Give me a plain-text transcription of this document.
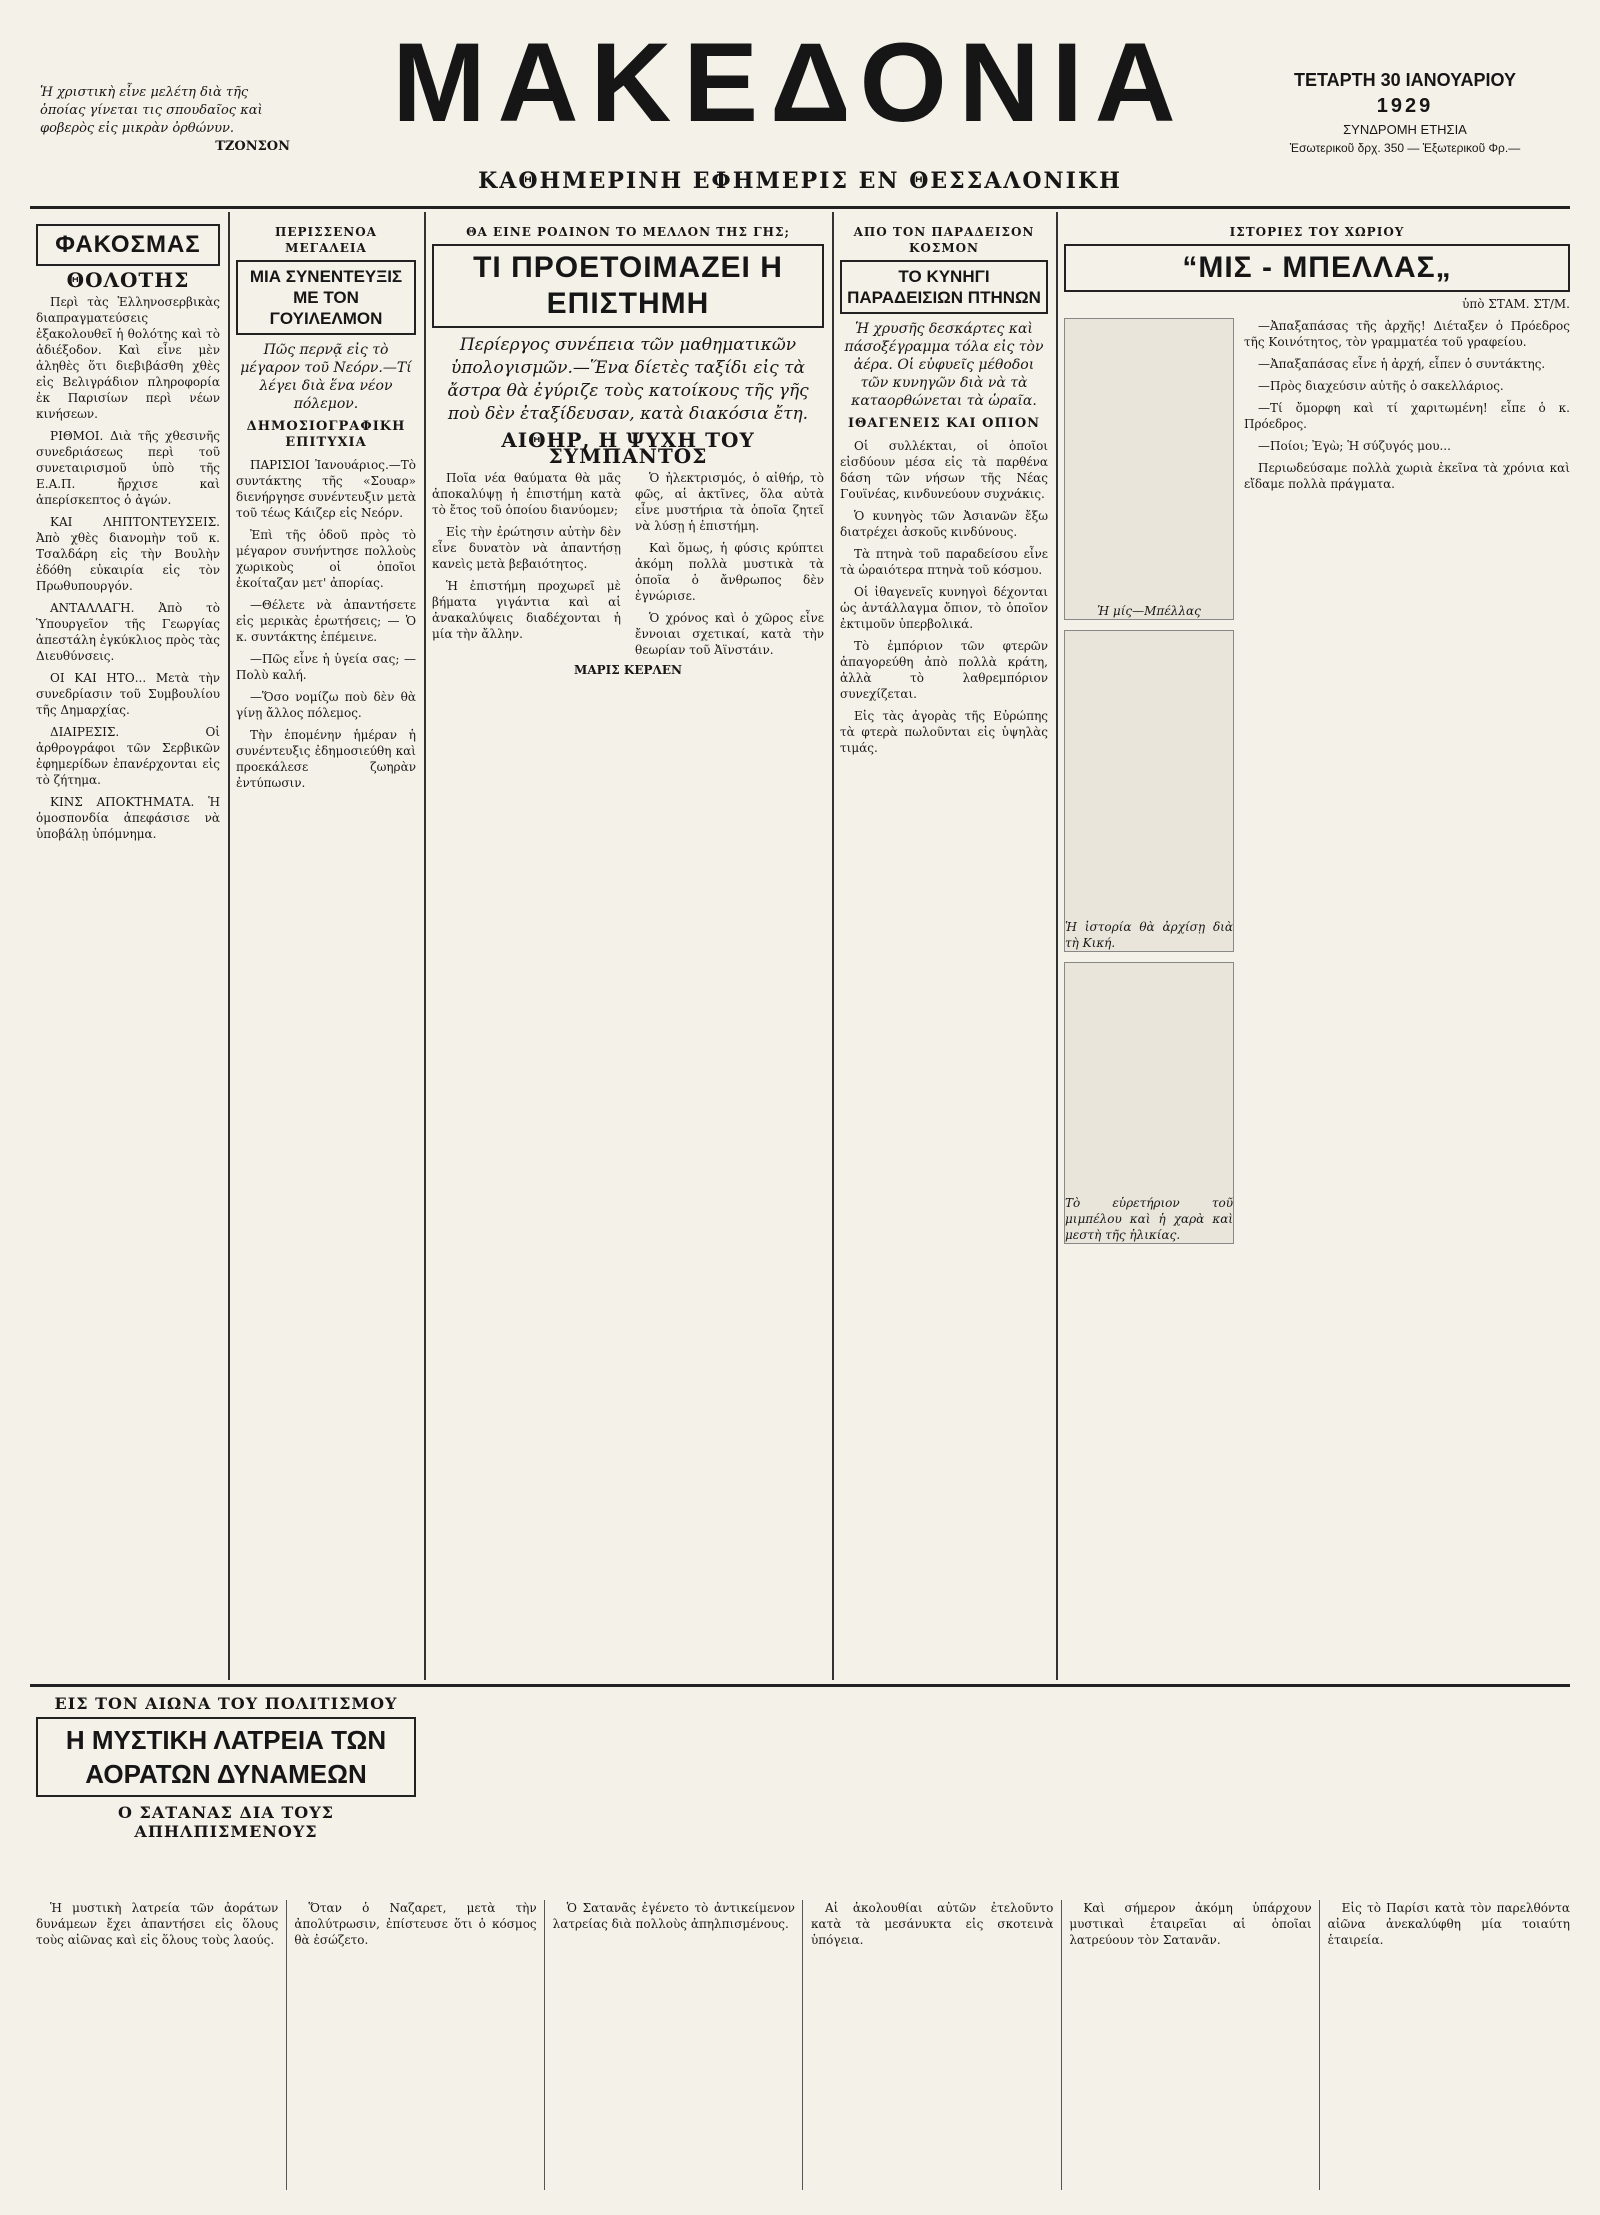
Ἡ χριστικὴ εἶνε μελέτη διὰ τῆς ὁποίας γίνεται τις σπουδαῖος καὶ φοβερὸς εἰς μικρὰν ὀρθώνυν.
ΤΖΟΝΣΟΝ
ΜΑΚΕΔΟΝΙΑ
ΚΑΘΗΜΕΡΙΝΗ ΕΦΗΜΕΡΙΣ ΕΝ ΘΕΣΣΑΛΟΝΙΚΗ
ΤΕΤΑΡΤΗ 30 ΙΑΝΟΥΑΡΙΟΥ
1929
ΣΥΝΔΡΟΜΗ ΕΤΗΣΙΑ
Ἐσωτερικοῦ δρχ. 350 — Ἐξωτερικοῦ Φρ.—
ΦΑΚΟΣΜΑΣ
ΘΟΛΟΤΗΣ

Περὶ τὰς Ἑλληνοσερβικὰς διαπραγματεύσεις ἐξακολουθεῖ ἡ θολότης καὶ τὸ ἀδιέξοδον. Καὶ εἶνε μὲν ἀληθὲς ὅτι διεβιβάσθη χθὲς εἰς Βελιγράδιον πληροφορία ἐκ Παρισίων περὶ νέων κινήσεων.

ΡΙΘΜΟΙ. Διὰ τῆς χθεσινῆς συνεδριάσεως περὶ τοῦ συνεταιρισμοῦ ὑπὸ τῆς Ε.Α.Π. ἤρχισε καὶ ἀπερίσκεπτος ὁ ἀγών.

ΚΑΙ ΛΗΠΤΟΝΤΕΥΣΕΙΣ. Ἀπὸ χθὲς διανομὴν τοῦ κ. Τσαλδάρη εἰς τὴν Βουλὴν ἐδόθη εὐκαιρία εἰς τὸν Πρωθυπουργόν.

ΑΝΤΑΛΛΑΓΗ. Ἀπὸ τὸ Ὑπουργεῖον τῆς Γεωργίας ἀπεστάλη ἐγκύκλιος πρὸς τὰς Διευθύνσεις.

ΟΙ ΚΑΙ ΗΤΟ... Μετὰ τὴν συνεδρίασιν τοῦ Συμβουλίου τῆς Δημαρχίας.

ΔΙΑΙΡΕΣΙΣ. Οἱ ἀρθρογράφοι τῶν Σερβικῶν ἐφημερίδων ἐπανέρχονται εἰς τὸ ζήτημα.

ΚΙΝΣ ΑΠΟΚΤΗΜΑΤΑ. Ἡ ὁμοσπονδία ἀπεφάσισε νὰ ὑποβάλῃ ὑπόμνημα.

ΠΕΡΙΣΣΕΝΟΑ ΜΕΓΑΛΕΙΑ
ΜΙΑ ΣΥΝΕΝΤΕΥΞΙΣ ΜΕ ΤΟΝ ΓΟΥΙΛΕΛΜΟΝ
Πῶς περνᾷ εἰς τὸ μέγαρον τοῦ Νεόρν.—Τί λέγει διὰ ἕνα νέον πόλεμον.
ΔΗΜΟΣΙΟΓΡΑΦΙΚΗ ΕΠΙΤΥΧΙΑ

ΠΑΡΙΣΙΟΙ Ἰανουάριος.—Τὸ συντάκτης τῆς «Σουαρ» διενήργησε συνέντευξιν μετὰ τοῦ τέως Κάιζερ εἰς Νεόρν.

Ἐπὶ τῆς ὁδοῦ πρὸς τὸ μέγαρον συνήντησε πολλοὺς χωρικοὺς οἱ ὁποῖοι ἐκοίταζαν μετ' ἀπορίας.

—Θέλετε νὰ ἀπαντήσετε εἰς μερικὰς ἐρωτήσεις; — Ὁ κ. συντάκτης ἐπέμεινε.

—Πῶς εἶνε ἡ ὑγεία σας; — Πολὺ καλή.

—Ὅσο νομίζω ποὺ δὲν θὰ γίνῃ ἄλλος πόλεμος.

Τὴν ἑπομένην ἡμέραν ἡ συνέντευξις ἐδημοσιεύθη καὶ προεκάλεσε ζωηρὰν ἐντύπωσιν.

ΘΑ ΕΙΝΕ ΡΟΔΙΝΟΝ ΤΟ ΜΕΛΛΟΝ ΤΗΣ ΓΗΣ;
ΤΙ ΠΡΟΕΤΟΙΜΑΖΕΙ Η ΕΠΙΣΤΗΜΗ
Περίεργος συνέπεια τῶν μαθηματικῶν ὑπολογισμῶν.—Ἕνα δίετὲς ταξίδι εἰς τὰ ἄστρα θὰ ἐγύριζε τοὺς κατοίκους τῆς γῆς ποὺ δὲν ἐταξίδευσαν, κατὰ διακόσια ἔτη.
ΑΙΘΗΡ, Η ΨΥΧΗ ΤΟΥ ΣΥΜΠΑΝΤΟΣ

Ποῖα νέα θαύματα θὰ μᾶς ἀποκαλύψῃ ἡ ἐπιστήμη κατὰ τὸ ἔτος τοῦ ὁποίου διανύομεν;

Εἰς τὴν ἐρώτησιν αὐτὴν δὲν εἶνε δυνατὸν νὰ ἀπαντήσῃ κανεὶς μετὰ βεβαιότητος.

Ἡ ἐπιστήμη προχωρεῖ μὲ βήματα γιγάντια καὶ αἱ ἀνακαλύψεις διαδέχονται ἡ μία τὴν ἄλλην.

Ὁ ἠλεκτρισμός, ὁ αἰθήρ, τὸ φῶς, αἱ ἀκτῖνες, ὅλα αὐτὰ εἶνε μυστήρια τὰ ὁποῖα ζητεῖ νὰ λύσῃ ἡ ἐπιστήμη.

Καὶ ὅμως, ἡ φύσις κρύπτει ἀκόμη πολλὰ μυστικὰ τὰ ὁποῖα ὁ ἄνθρωπος δὲν ἐγνώρισε.

Ὁ χρόνος καὶ ὁ χῶρος εἶνε ἔννοιαι σχετικαί, κατὰ τὴν θεωρίαν τοῦ Ἀϊνστάιν.

ΜΑΡΙΣ ΚΕΡΛΕΝ
ΑΠΟ ΤΟΝ ΠΑΡΑΔΕΙΣΟΝ ΚΟΣΜΟΝ
ΤΟ ΚΥΝΗΓΙ ΠΑΡΑΔΕΙΣΙΩΝ ΠΤΗΝΩΝ
Ἡ χρυσῆς δεσκάρτες καὶ πάσοξέγραμμα τόλα εἰς τὸν ἀέρα. Οἱ εὐφυεῖς μέθοδοι τῶν κυνηγῶν διὰ νὰ τὰ καταορθώνεται τὰ ὡραῖα.
ΙΘΑΓΕΝΕΙΣ ΚΑΙ ΟΠΙΟΝ

Οἱ συλλέκται, οἱ ὁποῖοι εἰσδύουν μέσα εἰς τὰ παρθένα δάση τῶν νήσων τῆς Νέας Γουϊνέας, κινδυνεύουν συχνάκις.

Ὁ κυνηγὸς τῶν Ἀσιανῶν ἔξω διατρέχει ἀσκοῦς κινδύνους.

Τὰ πτηνὰ τοῦ παραδείσου εἶνε τὰ ὡραιότερα πτηνὰ τοῦ κόσμου.

Οἱ ἰθαγενεῖς κυνηγοὶ δέχονται ὡς ἀντάλλαγμα ὄπιον, τὸ ὁποῖον ἐκτιμοῦν ὑπερβολικά.

Τὸ ἐμπόριον τῶν φτερῶν ἀπαγορεύθη ἀπὸ πολλὰ κράτη, ἀλλὰ τὸ λαθρεμπόριον συνεχίζεται.

Εἰς τὰς ἀγορὰς τῆς Εὐρώπης τὰ φτερὰ πωλοῦνται εἰς ὑψηλὰς τιμάς.

ΙΣΤΟΡΙΕΣ ΤΟΥ ΧΩΡΙΟΥ
“ΜΙΣ - ΜΠΕΛΛΑΣ„
ὑπὸ ΣΤΑΜ. ΣΤ/Μ.
Ἡ μίς—Μπέλλας
Ἡ ἱστορία θὰ ἀρχίσῃ διὰ τὴ Κική.
Τὸ εὑρετήριον τοῦ μιμπέλου καὶ ἡ χαρὰ καὶ μεστὴ τῆς ἡλικίας.

—Ἀπαξαπάσας τῆς ἀρχῆς! Διέταξεν ὁ Πρόεδρος τῆς Κοινότητος, τὸν γραμματέα τοῦ γραφείου.

—Ἀπαξαπάσας εἶνε ἡ ἀρχή, εἶπεν ὁ συντάκτης.

—Πρὸς διαχεύσιν αὐτῆς ὁ σακελλάριος.

—Τί ὄμορφη καὶ τί χαριτωμένη! εἶπε ὁ κ. Πρόεδρος.

—Ποίοι; Ἐγὼ; Ἡ σύζυγός μου...

Περιωδεύσαμε πολλὰ χωριὰ ἐκεῖνα τὰ χρόνια καὶ εἴδαμε πολλὰ πράγματα.

ΕΙΣ ΤΟΝ ΑΙΩΝΑ ΤΟΥ ΠΟΛΙΤΙΣΜΟΥ
Η ΜΥΣΤΙΚΗ ΛΑΤΡΕΙΑ ΤΩΝ ΑΟΡΑΤΩΝ ΔΥΝΑΜΕΩΝ
Ο ΣΑΤΑΝΑΣ ΔΙΑ ΤΟΥΣ ΑΠΗΛΠΙΣΜΕΝΟΥΣ

Ἡ μυστικὴ λατρεία τῶν ἀοράτων δυνάμεων ἔχει ἀπαντήσει εἰς ὅλους τοὺς αἰῶνας καὶ εἰς ὅλους τοὺς λαούς.

Ὅταν ὁ Ναζαρετ, μετὰ τὴν ἀπολύτρωσιν, ἐπίστευσε ὅτι ὁ κόσμος θὰ ἐσώζετο.

Ὁ Σατανᾶς ἐγένετο τὸ ἀντικείμενον λατρείας διὰ πολλοὺς ἀπηλπισμένους.

Αἱ ἀκολουθίαι αὐτῶν ἐτελοῦντο κατὰ τὰ μεσάνυκτα εἰς σκοτεινὰ ὑπόγεια.

Καὶ σήμερον ἀκόμη ὑπάρχουν μυστικαὶ ἑταιρεῖαι αἱ ὁποῖαι λατρεύουν τὸν Σατανᾶν.

Εἰς τὸ Παρίσι κατὰ τὸν παρελθόντα αἰῶνα ἀνεκαλύφθη μία τοιαύτη ἑταιρεία.
